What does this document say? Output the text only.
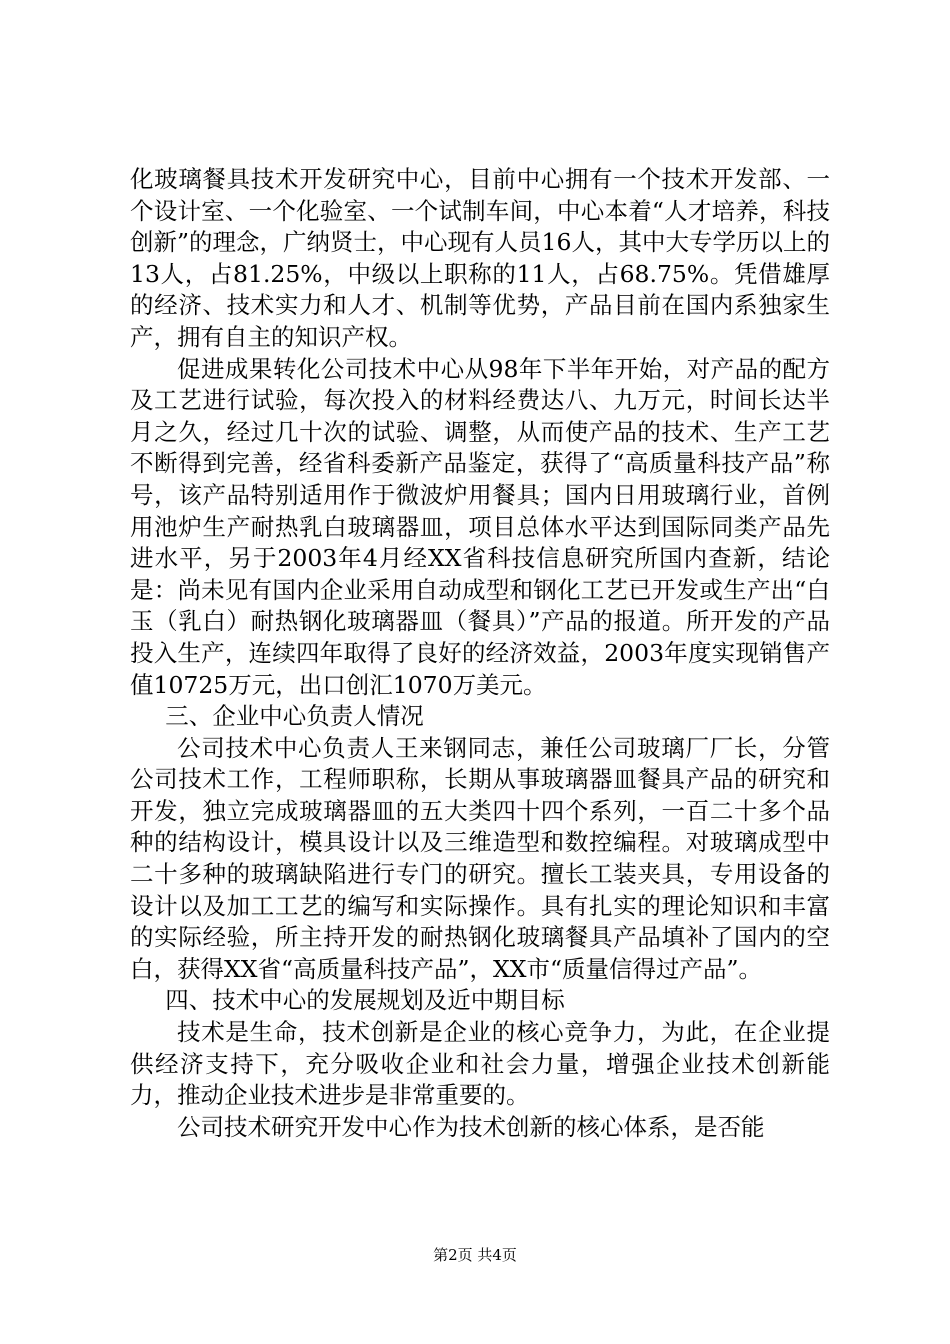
化玻璃餐具技术开发研究中心，目前中心拥有一个技术开发部、一个设计室、一个化验室、一个试制车间，中心本着“人才培养，科技创新”的理念，广纳贤士，中心现有人员16人，其中大专学历以上的13人，占81.25%，中级以上职称的11人，占68.75%。凭借雄厚的经济、技术实力和人才、机制等优势，产品目前在国内系独家生产，拥有自主的知识产权。

促进成果转化公司技术中心从98年下半年开始，对产品的配方及工艺进行试验，每次投入的材料经费达八、九万元，时间长达半月之久，经过几十次的试验、调整，从而使产品的技术、生产工艺不断得到完善，经省科委新产品鉴定，获得了“高质量科技产品”称号，该产品特别适用作于微波炉用餐具；国内日用玻璃行业，首例用池炉生产耐热乳白玻璃器皿，项目总体水平达到国际同类产品先进水平，另于2003年4月经XX省科技信息研究所国内查新，结论是：尚未见有国内企业采用自动成型和钢化工艺已开发或生产出“白玉（乳白）耐热钢化玻璃器皿（餐具）”产品的报道。所开发的产品投入生产，连续四年取得了良好的经济效益，2003年度实现销售产值10725万元，出口创汇1070万美元。

三、企业中心负责人情况

公司技术中心负责人王来钢同志，兼任公司玻璃厂厂长，分管公司技术工作，工程师职称，长期从事玻璃器皿餐具产品的研究和开发，独立完成玻璃器皿的五大类四十四个系列，一百二十多个品种的结构设计，模具设计以及三维造型和数控编程。对玻璃成型中二十多种的玻璃缺陷进行专门的研究。擅长工装夹具，专用设备的设计以及加工工艺的编写和实际操作。具有扎实的理论知识和丰富的实际经验，所主持开发的耐热钢化玻璃餐具产品填补了国内的空白，获得XX省“高质量科技产品”，XX市“质量信得过产品”。

四、技术中心的发展规划及近中期目标

技术是生命，技术创新是企业的核心竞争力，为此，在企业提供经济支持下，充分吸收企业和社会力量，增强企业技术创新能力，推动企业技术进步是非常重要的。

公司技术研究开发中心作为技术创新的核心体系，是否能

第2页 共4页
